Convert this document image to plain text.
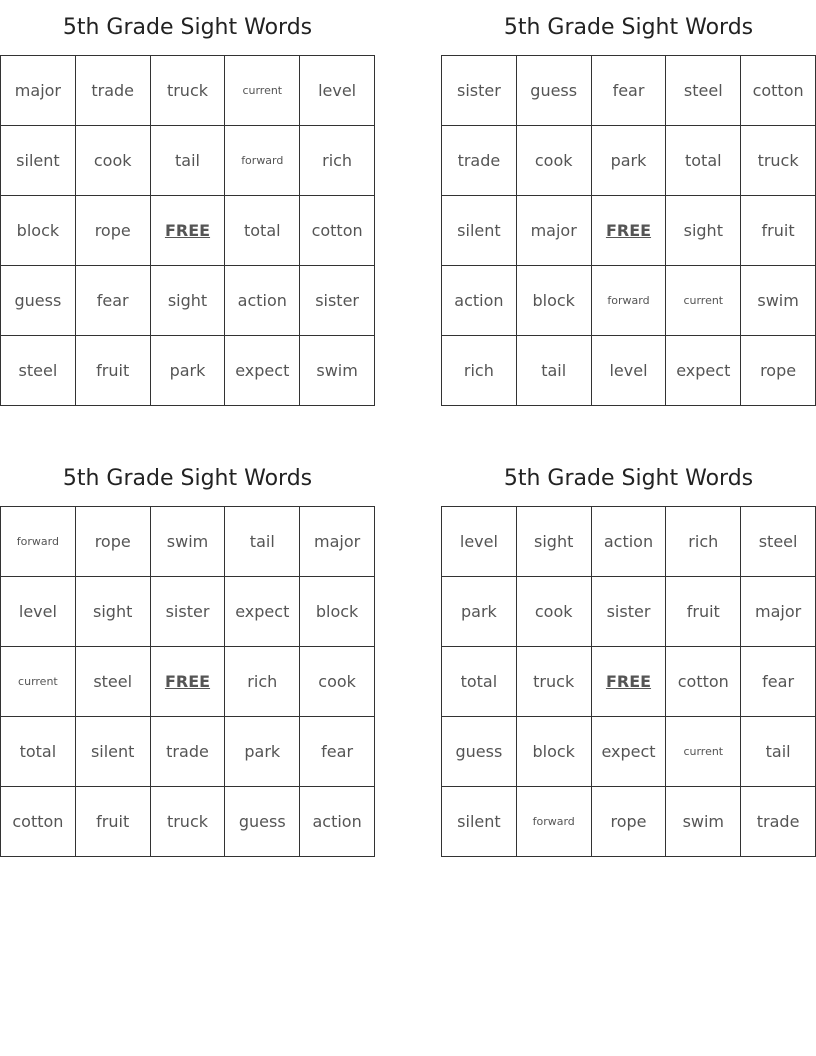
5th Grade Sight Words
major	trade	truck	current	level
silent	cook	tail	forward	rich
block	rope	FREE	total	cotton
guess	fear	sight	action	sister
steel	fruit	park	expect	swim
5th Grade Sight Words
sister	guess	fear	steel	cotton
trade	cook	park	total	truck
silent	major	FREE	sight	fruit
action	block	forward	current	swim
rich	tail	level	expect	rope
5th Grade Sight Words
forward	rope	swim	tail	major
level	sight	sister	expect	block
current	steel	FREE	rich	cook
total	silent	trade	park	fear
cotton	fruit	truck	guess	action
5th Grade Sight Words
level	sight	action	rich	steel
park	cook	sister	fruit	major
total	truck	FREE	cotton	fear
guess	block	expect	current	tail
silent	forward	rope	swim	trade
